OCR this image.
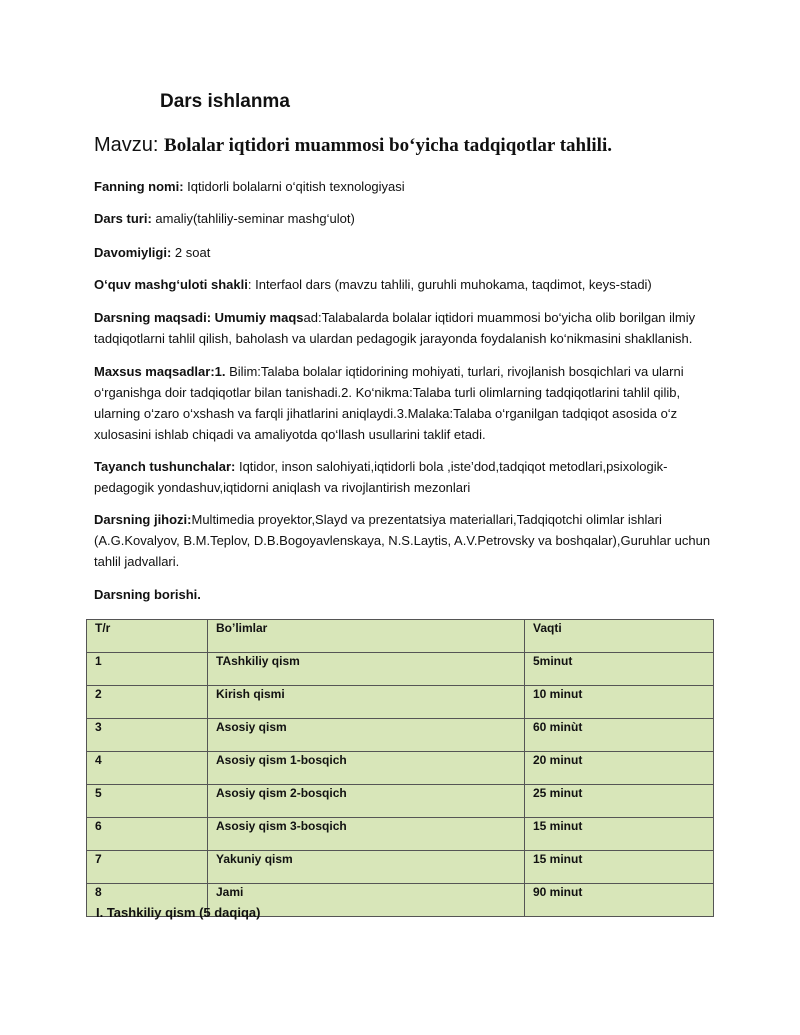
Dars ishlanma
Mavzu: Bolalar iqtidori muammosi bo‘yicha tadqiqotlar tahlili.
Fanning nomi: Iqtidorli bolalarni o‘qitish texnologiyasi
Dars turi: amaliy(tahliliy-seminar mashg‘ulot)
Davomiyligi: 2 soat
O‘quv mashg‘uloti shakli: Interfaol dars (mavzu tahlili, guruhli muhokama, taqdimot, keys-stadi)
Darsning maqsadi: Umumiy maqsad:Talabalarda bolalar iqtidori muammosi bo‘yicha olib borilgan ilmiy tadqiqotlarni tahlil qilish, baholash va ulardan pedagogik jarayonda foydalanish ko‘nikmasini shakllanish.
Maxsus maqsadlar:1. Bilim:Talaba bolalar iqtidorining mohiyati, turlari, rivojlanish bosqichlari va ularni o‘rganishga doir tadqiqotlar bilan tanishadi.2. Ko‘nikma:Talaba turli olimlarning tadqiqotlarini tahlil qilib, ularning o‘zaro o‘xshash va farqli jihatlarini aniqlaydi.3.Malaka:Talaba o‘rganilgan tadqiqot asosida o‘z xulosasini ishlab chiqadi va amaliyotda qo‘llash usullarini taklif etadi.
Tayanch tushunchalar: Iqtidor, inson salohiyati,iqtidorli bola ,iste’dod,tadqiqot metodlari,psixologik-pedagogik yondashuv,iqtidorni aniqlash va rivojlantirish mezonlari
Darsning jihozi:Multimedia proyektor,Slayd va prezentatsiya materiallari,Tadqiqotchi olimlar ishlari (A.G.Kovalyov, B.M.Teplov, D.B.Bogoyavlenskaya, N.S.Laytis, A.V.Petrovsky va boshqalar),Guruhlar uchun tahlil jadvallari.
Darsning borishi.
T/r	Bo’limlar	Vaqti
1	TAshkiliy qism	5minut
2	Kirish qismi	10 minut
3	Asosiy qism	60 minùt
4	Asosiy qism 1-bosqich	20 minut
5	Asosiy qism 2-bosqich	25 minut
6	Asosiy qism 3-bosqich	15 minut
7	Yakuniy qism	15 minut
8	Jami	90 minut
I. Tashkiliy qism (5 daqiqa)
